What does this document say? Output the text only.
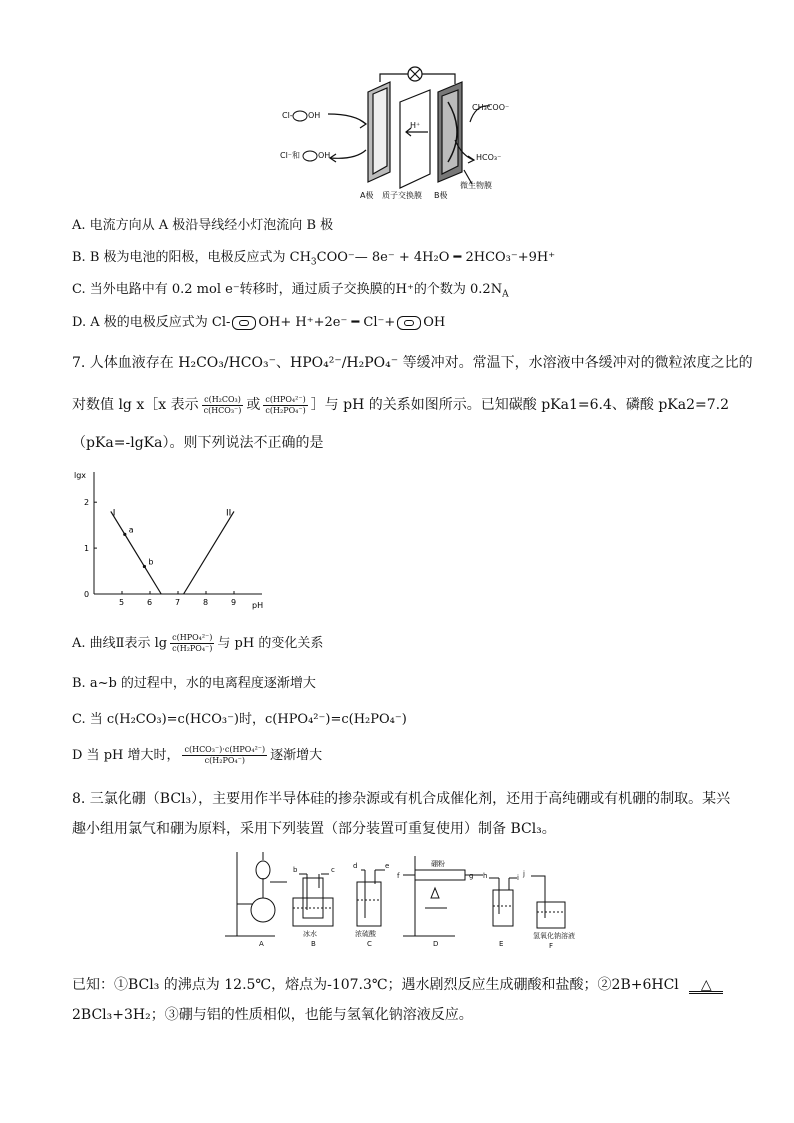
Cl- OH
Cl⁻和 OH
H⁺
CH₃COO⁻
HCO₃⁻
A极 质子交换膜 B极
微生物膜
A. 电流方向从 A 极沿导线经小灯泡流向 B 极
B. B 极为电池的阳极，电极反应式为 $CH_3COO^-—$ 8e⁻ + 4H₂O ━ 2HCO₃⁻+9H⁺
C. 当外电路中有 0.2 mol e⁻转移时，通过质子交换膜的H⁺的个数为 $0.2N_A$
D. A 极的电极反应式为 Cl- OH+ H⁺+2e⁻ ━ Cl⁻+ OH
7. 人体血液存在 H₂CO₃/HCO₃⁻、HPO₄²⁻/H₂PO₄⁻ 等缓冲对。常温下，水溶液中各缓冲对的微粒浓度之比的
对数值 lg x［x 表示 $\frac{\text{c(H₂CO₃)}}{\text{c(HCO₃⁻)}}$ 或 $\frac{\text{c(HPO₄²⁻)}}{\text{c(H₂PO₄⁻)}}$ ］与 pH 的关系如图所示。已知碳酸 pKa1=6.4、磷酸 pKa2=7.2
（pKa=-lgKa）。则下列说法不正确的是
lgx
pH
5	6	7	8	9
0
1
2
I	II
a
b
A. 曲线Ⅱ表示 $\lg \frac{\text{c(HPO₄²⁻)}}{\text{c(H₂PO₄⁻)}}$ 与 pH 的变化关系
B. a~b 的过程中，水的电离程度逐渐增大
C. 当 c(H₂CO₃)=c(HCO₃⁻)时，c(HPO₄²⁻)=c(H₂PO₄⁻)
D 当 pH 增大时， $\frac{\text{c(HCO₃⁻)·c(HPO₄²⁻)}}{\text{c(H₂PO₄⁻)}}$ 逐渐增大
8. 三氯化硼（BCl₃），主要用作半导体硅的掺杂源或有机合成催化剂，还用于高纯硼或有机硼的制取。某兴
趣小组用氯气和硼为原料，采用下列装置（部分装置可重复使用）制备 BCl₃。
A	B	C	D	E	F
冰水	浓硫酸
硼粉
氢氧化钠溶液
b	c	d	e
f	g h	i j
已知：①BCl₃ 的沸点为 12.5℃，熔点为-107.3℃；遇水剧烈反应生成硼酸和盐酸；②2B+6HCl △
2BCl₃+3H₂；③硼与铝的性质相似，也能与氢氧化钠溶液反应。
